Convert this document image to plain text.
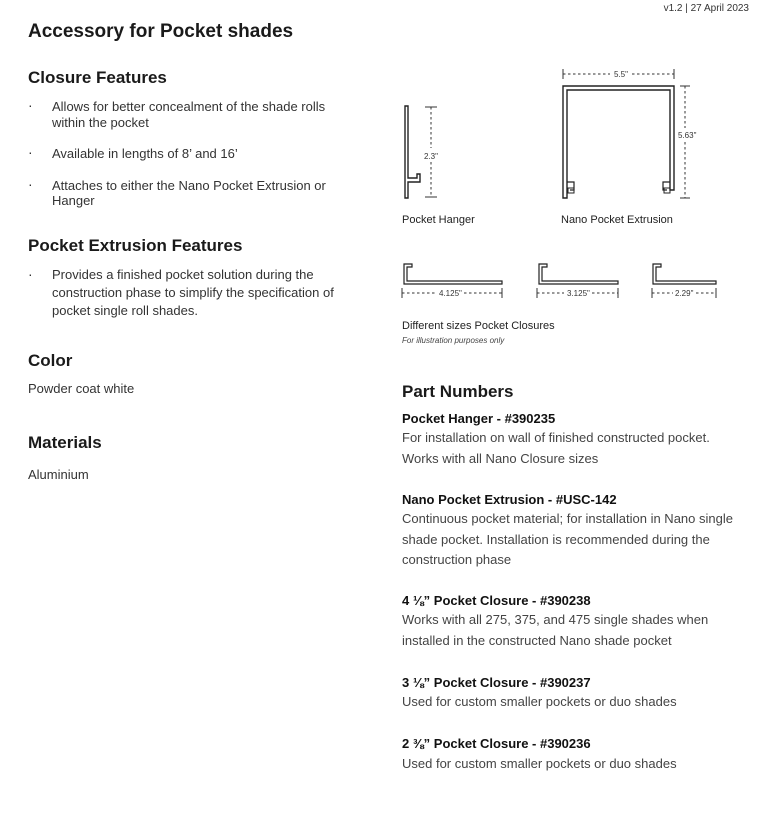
v1.2 | 27 April 2023
Accessory for Pocket shades
Closure Features
· Allows for better concealment of the shade rolls within the pocket
· Available in lengths of 8’ and 16’
· Attaches to either the Nano Pocket Extrusion or Hanger
Pocket Extrusion Features
· Provides a finished pocket solution during the construction phase to simplify the specification of pocket single roll shades.
Color
Powder coat white
Materials
Aluminium
2.3"
Pocket Hanger
5.5"
5.63"
Nano Pocket Extrusion
4.125"	3.125"	2.29"
Different sizes Pocket Closures
For illustration purposes only
Part Numbers
Pocket Hanger - #390235
For installation on wall of finished constructed pocket. Works with all Nano Closure sizes
Nano Pocket Extrusion - #USC-142
Continuous pocket material; for installation in Nano single shade pocket. Installation is recommended during the construction phase
4 ⅛” Pocket Closure - #390238
Works with all 275, 375, and 475 single shades when installed in the constructed Nano shade pocket
3 ⅛” Pocket Closure - #390237
Used for custom smaller pockets or duo shades
2 ⅜” Pocket Closure - #390236
Used for custom smaller pockets or duo shades
